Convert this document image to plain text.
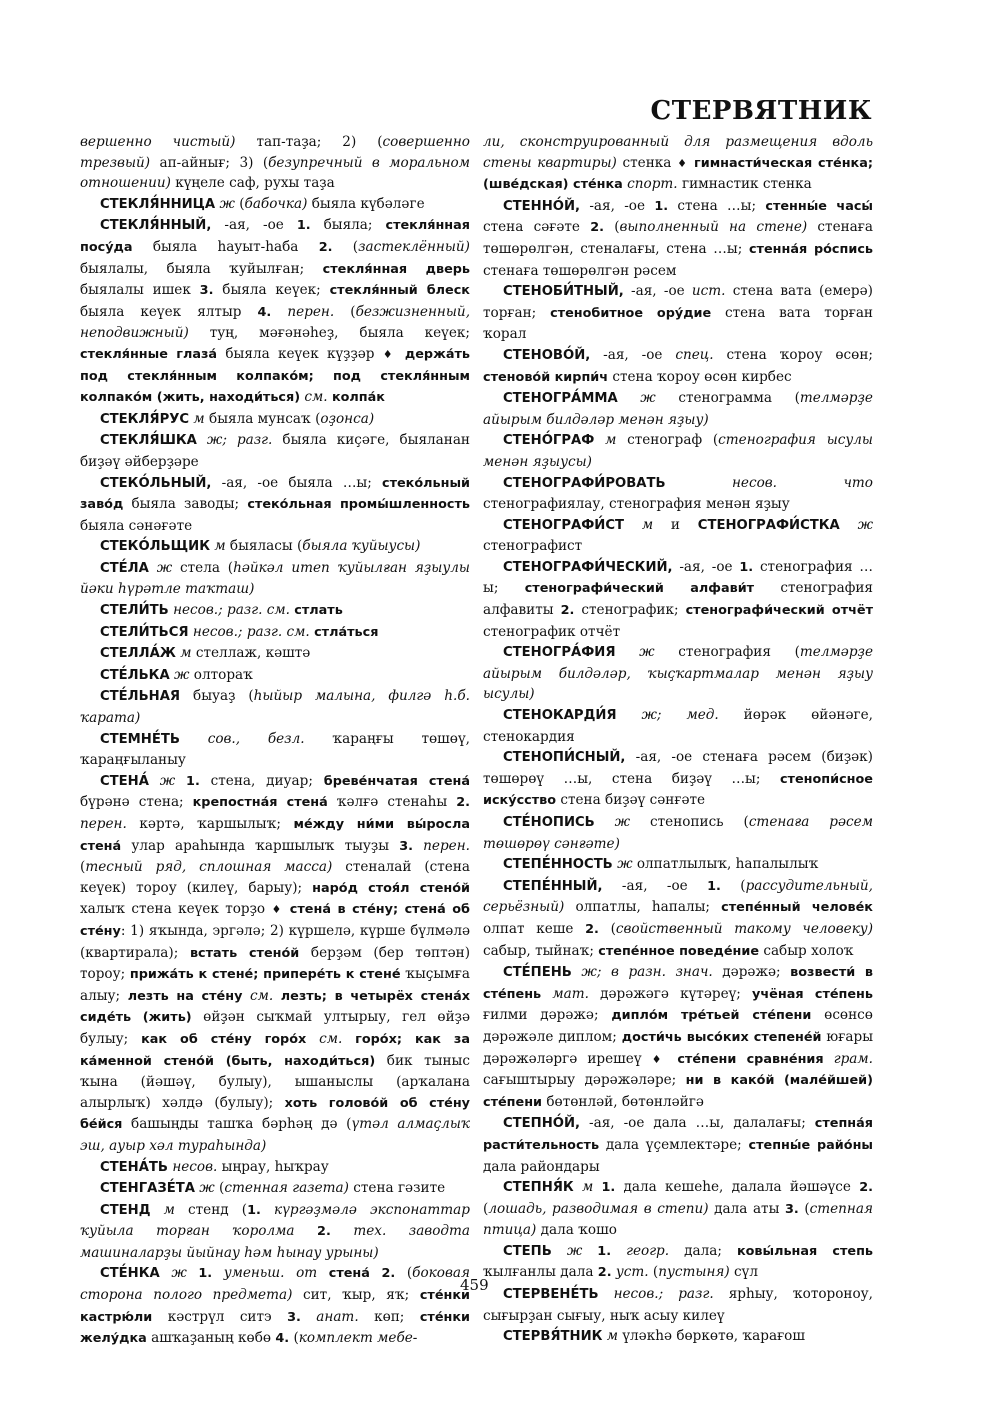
СТЕРВЯТНИК

вершенно чистый) тап-таҙа; 2) (совершенно трезвый) ап-айнығ; 3) (безупречный в моральном отношении) күңеле саф, рухы таҙа

СТЕКЛЯ́ННИЦА ж (бабочка) быяла күбәләге

СТЕКЛЯ́ННЫЙ, -ая, -ое 1. быяла; стекля́нная посу́да быяла һауыт-һаба 2. (застеклённый) быялалы, быяла ҡуйылған; стекля́нная дверь быялалы ишек 3. быяла кеүек; стекля́нный блеск быяла кеүек ялтыр 4. перен. (безжизненный, неподвижный) туң, мәғәнәһеҙ, быяла кеүек; стекля́нные глаза́ быяла кеүек күҙҙәр ♦ держа́ть под стекля́нным колпако́м; под стекля́нным колпако́м (жить, находи́ться) см. колпа́к

СТЕКЛЯ́РУС м быяла мунсаҡ (оҙонса)

СТЕКЛЯ́ШКА ж; разг. быяла киҫәге, быяланан биҙәү әйберҙәре

СТЕКО́ЛЬНЫЙ, -ая, -ое быяла …ы; стеко́льный заво́д быяла заводы; стеко́льная промы́шленность быяла сәнәғәте

СТЕКО́ЛЬЩИК м быяласы (быяла ҡуйыусы)

СТЕ́ЛА ж стела (һәйкәл итеп ҡуйылған яҙыулы йәки һүрәтле таҡташ)

СТЕЛИ́ТЬ несов.; разг. см. стлать

СТЕЛИ́ТЬСЯ несов.; разг. см. стла́ться

СТЕЛЛА́Ж м стеллаж, кәштә

СТЕ́ЛЬКА ж олтораҡ

СТЕ́ЛЬНАЯ быуаҙ (һыйыр малына, филгә һ.б. ҡарата)

СТЕМНЕ́ТЬ сов., безл. ҡараңғы төшөү, ҡараңғыланыу

СТЕНА́ ж 1. стена, диуар; бреве́нчатая стена́ бүрәнә стена; крепостна́я стена́ ҡәлғә стенаһы 2. перен. кәртә, ҡаршылыҡ; ме́жду ни́ми вы́росла стена́ улар араһында ҡаршылыҡ тыуҙы 3. перен. (тесный ряд, сплошная масса) стеналай (стена кеүек) тороу (килеү, барыу); наро́д стоя́л стено́й халыҡ стена кеүек торҙо ♦ стена́ в сте́ну; стена́ об сте́ну: 1) яҡында, эргәлә; 2) күршелә, күрше бүлмәлә (квартирала); встать стено́й берҙәм (бер төптән) тороу; прижа́ть к стене́; припере́ть к стене́ ҡыҫымға алыу; лезть на сте́ну см. лезть; в четырёх стена́х сиде́ть (жить) өйҙән сыҡмай ултырыу, гел өйҙә булыу; как об сте́ну горо́х см. горо́х; как за ка́менной стено́й (быть, находи́ться) бик тыныс ҡына (йәшәү, булыу), ышаныслы (арҡалана алырлыҡ) хәлдә (булыу); хоть голово́й об сте́ну бе́йся башыңды ташҡа бәрһәң дә (үтәл алмаҫлыҡ эш, ауыр хәл тураһында)

СТЕНА́ТЬ несов. ыңрау, һыҡрау

СТЕНГАЗЕ́ТА ж (стенная газета) стена гәзите

СТЕНД м стенд (1. күргәҙмәлә экспонаттар ҡуйыла торған ҡоролма 2. тех. заводта машиналарҙы йыйнау һәм һынау урыны)

СТЕ́НКА ж 1. уменьш. от стена́ 2. (боковая сторона полого предмета) сит, ҡыр, яҡ; сте́нки кастрю́ли кәстрүл ситэ 3. анат. көп; сте́нки желу́дка ашҡаҙаның көбө 4. (комплект мебе-

ли, сконструированный для размещения вдоль стены квартиры) стенка ♦ гимнасти́ческая сте́нка; (шве́дская) сте́нка спорт. гимнастик стенка

СТЕННО́Й, -ая, -ое 1. стена …ы; стенны́е часы́ стена сәғәте 2. (выполненный на стене) стенаға төшөрөлгән, стеналағы, стена …ы; стенна́я ро́спись стенаға төшөрөлгән рәсем

СТЕНОБИ́ТНЫЙ, -ая, -ое ист. стена вата (емерә) торған; стенобитное ору́дие стена вата торған ҡорал

СТЕНОВО́Й, -ая, -ое спец. стена ҡороу өсөн; стеново́й кирпи́ч стена ҡороу өсөн кирбес

СТЕНОГРА́ММА ж стенограмма (телмәрҙе айырым билдәләр менән яҙыу)

СТЕНО́ГРАФ м стенограф (стенография ысулы менән яҙыусы)

СТЕНОГРАФИ́РОВАТЬ	несов. что стенографиялау, стенография менән яҙыу

СТЕНОГРАФИ́СТ м и СТЕНОГРАФИ́СТКА ж стенографист

СТЕНОГРАФИ́ЧЕСКИЙ, -ая, -ое 1. стенография …ы; стенографи́ческий алфави́т стенография алфавиты 2. стенографик; стенографи́ческий отчёт стенографик отчёт

СТЕНОГРА́ФИЯ ж стенография (телмәрҙе айырым билдәләр, ҡыҫҡартмалар менән яҙыу ысулы)

СТЕНОКАРДИ́Я ж; мед. йөрәк өйәнәге, стенокардия

СТЕНОПИ́СНЫЙ, -ая, -ое стенаға рәсем (биҙәк) төшөрөү …ы, стена биҙәү …ы; стенопи́сное иску́сство стена биҙәү сәнғәте

СТЕ́НОПИСЬ ж стенопись (стенаға рәсем төшөрөү сәнғәте)

СТЕПЕ́ННОСТЬ ж олпатлылыҡ, һапалылыҡ

СТЕПЕ́ННЫЙ, -ая, -ое 1. (рассудительный, серьёзный) олпатлы, һапалы; степе́нный челове́к олпат кеше 2. (свойственный такому человеку) сабыр, тыйнаҡ; степе́нное поведе́ние сабыр холоҡ

СТЕ́ПЕНЬ ж; в разн. знач. дәрәжә; возвести́ в сте́пень мат. дәрәжәгә күтәреү; учёная сте́пень ғилми дәрәжә; дипло́м тре́тьей сте́пени өсөнсө дәрәжәле диплом; дости́чь высо́ких степене́й юғары дәрәжәләргә ирешеү ♦ сте́пени сравне́ния грам. сағыштырыу дәрәжәләре; ни в како́й (мале́йшей) сте́пени бөтөнләй, бөтөнләйгә

СТЕПНО́Й, -ая, -ое дала …ы, далалағы; степна́я расти́тельность дала үҫемлектәре; степны́е райо́ны дала райондары

СТЕПНЯ́К м 1. дала кешеһе, далала йәшәүсе 2. (лошадь, разводимая в степи) дала аты 3. (степная птица) дала ҡошо

СТЕПЬ ж 1. геогр. дала; ковы́льная степь ҡылғанлы дала 2. уст. (пустыня) сүл

СТЕРВЕНЕ́ТЬ несов.; разг. ярһыу, ҡотороноу, сығырҙан сығыу, ныҡ асыу килеү

СТЕРВЯ́ТНИК м үләкһә бөркөтө, ҡарағош

459
